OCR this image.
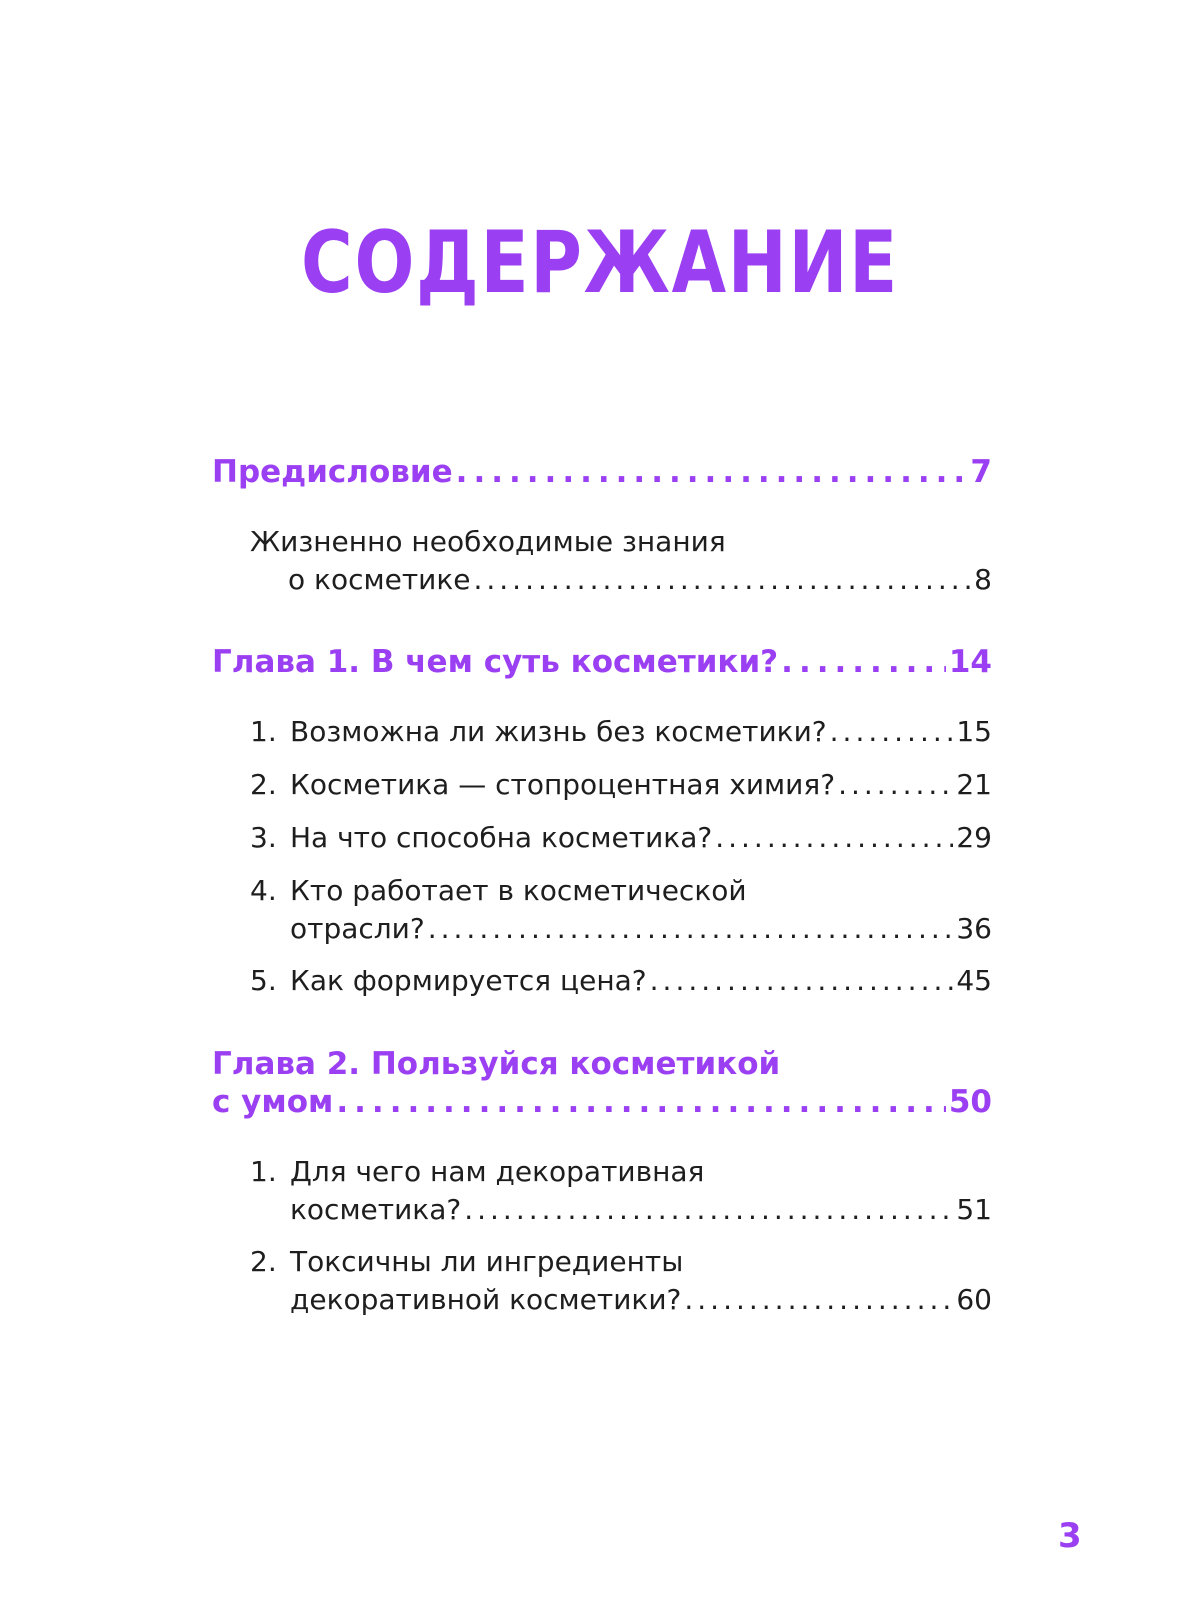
СОДЕРЖАНИЕ
Предисловие .....	7
Жизненно необходимые знания
о косметике .....	8
Глава 1. В чем суть косметики? .....	14
1. Возможна ли жизнь без косметики? .....	15
2. Косметика — стопроцентная химия? .....	21
3. На что способна косметика? .....	29
4. Кто работает в косметической
отрасли? .....	36
5. Как формируется цена? .....	45
Глава 2. Пользуйся косметикой
с умом .....	50
1. Для чего нам декоративная
косметика? .....	51
2. Токсичны ли ингредиенты
декоративной косметики? .....	60
3
